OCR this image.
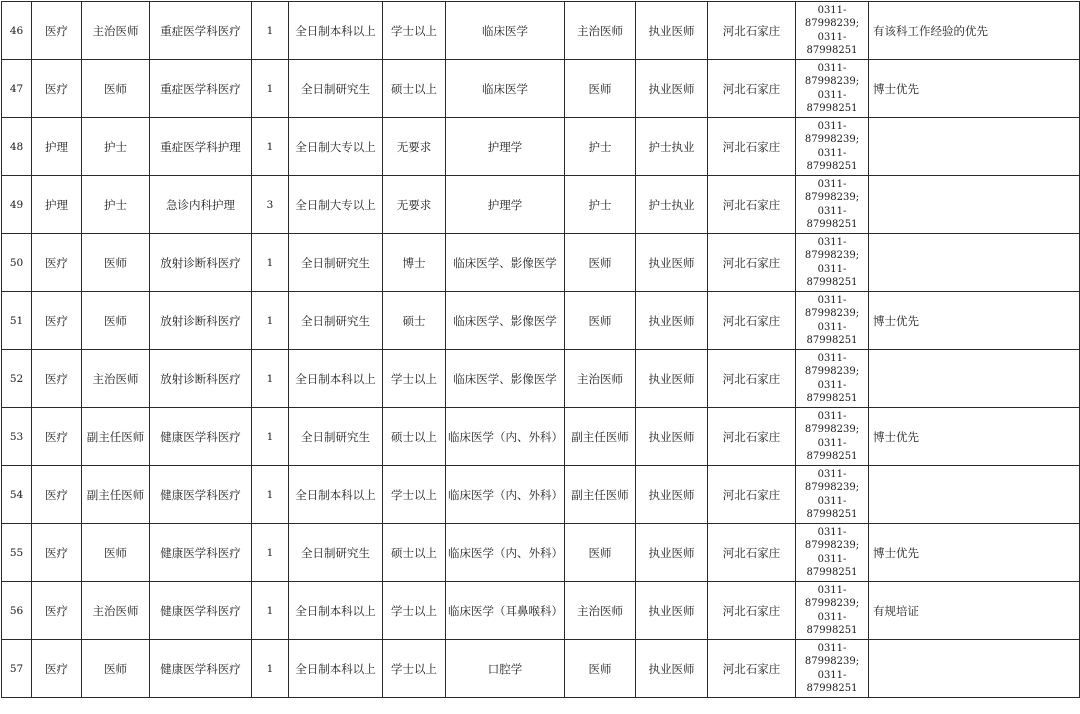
46	医疗	主治医师	重症医学科医疗	1	全日制本科以上	学士以上	临床医学	主治医师	执业医师	河北石家庄	0311-
87998239;
0311-
87998251	有该科工作经验的优先
47	医疗	医师	重症医学科医疗	1	全日制研究生	硕士以上	临床医学	医师	执业医师	河北石家庄	0311-
87998239;
0311-
87998251	博士优先
48	护理	护士	重症医学科护理	1	全日制大专以上	无要求	护理学	护士	护士执业	河北石家庄	0311-
87998239;
0311-
87998251	

49	护理	护士	急诊内科护理	3	全日制大专以上	无要求	护理学	护士	护士执业	河北石家庄	0311-
87998239;
0311-
87998251	

50	医疗	医师	放射诊断科医疗	1	全日制研究生	博士	临床医学、影像医学	医师	执业医师	河北石家庄	0311-
87998239;
0311-
87998251	

51	医疗	医师	放射诊断科医疗	1	全日制研究生	硕士	临床医学、影像医学	医师	执业医师	河北石家庄	0311-
87998239;
0311-
87998251	博士优先
52	医疗	主治医师	放射诊断科医疗	1	全日制本科以上	学士以上	临床医学、影像医学	主治医师	执业医师	河北石家庄	0311-
87998239;
0311-
87998251	

53	医疗	副主任医师	健康医学科医疗	1	全日制研究生	硕士以上	临床医学（内、外科）	副主任医师	执业医师	河北石家庄	0311-
87998239;
0311-
87998251	博士优先
54	医疗	副主任医师	健康医学科医疗	1	全日制本科以上	学士以上	临床医学（内、外科）	副主任医师	执业医师	河北石家庄	0311-
87998239;
0311-
87998251	

55	医疗	医师	健康医学科医疗	1	全日制研究生	硕士以上	临床医学（内、外科）	医师	执业医师	河北石家庄	0311-
87998239;
0311-
87998251	博士优先
56	医疗	主治医师	健康医学科医疗	1	全日制本科以上	学士以上	临床医学（耳鼻喉科）	主治医师	执业医师	河北石家庄	0311-
87998239;
0311-
87998251	有规培证
57	医疗	医师	健康医学科医疗	1	全日制本科以上	学士以上	口腔学	医师	执业医师	河北石家庄	0311-
87998239;
0311-
87998251	
